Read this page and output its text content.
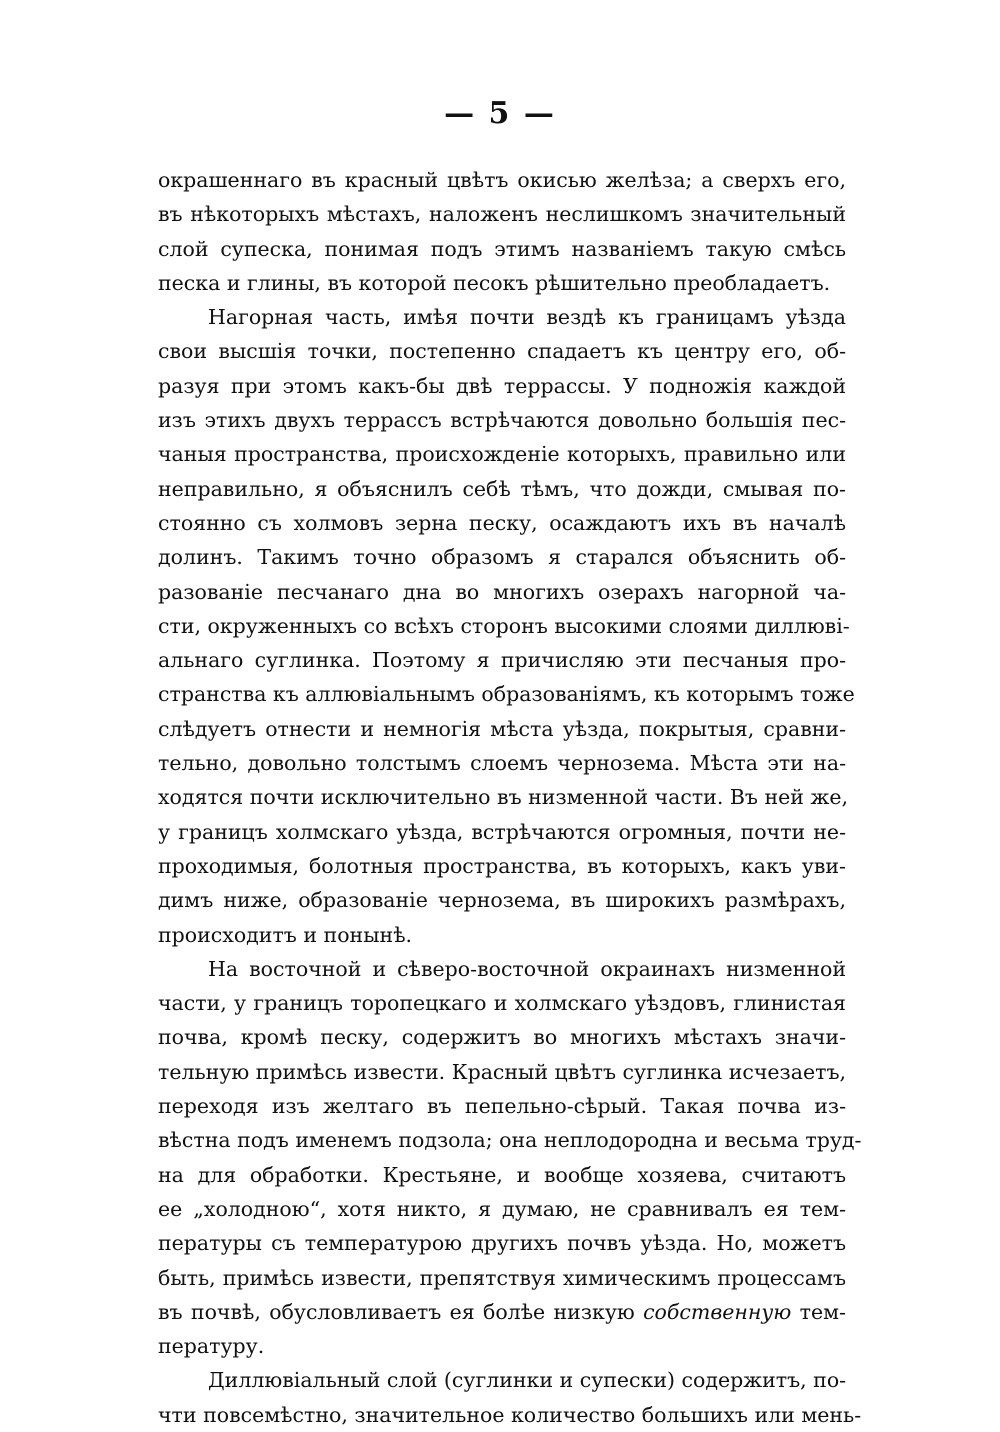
— 5 —
окрашеннаго въ красный цвѣтъ окисью желѣза; а сверхъ его,
въ нѣкоторыхъ мѣстахъ, наложенъ неслишкомъ значительный
слой супеска, понимая подъ этимъ названіемъ такую смѣсь
песка и глины, въ которой песокъ рѣшительно преобладаетъ.
Нагорная часть, имѣя почти вездѣ къ границамъ уѣзда
свои высшія точки, постепенно спадаетъ къ центру его, об-
разуя при этомъ какъ-бы двѣ террассы. У подножія каждой
изъ этихъ двухъ террассъ встрѣчаются довольно большія пес-
чаныя пространства, происхожденіе которыхъ, правильно или
неправильно, я объяснилъ себѣ тѣмъ, что дожди, смывая по-
стоянно съ холмовъ зерна песку, осаждаютъ ихъ въ началѣ
долинъ. Такимъ точно образомъ я старался объяснить об-
разованіе песчанаго дна во многихъ озерахъ нагорной ча-
сти, окруженныхъ со всѣхъ сторонъ высокими слоями диллюві-
альнаго суглинка. Поэтому я причисляю эти песчаныя про-
странства къ аллювіальнымъ образованіямъ, къ которымъ тоже
слѣдуетъ отнести и немногія мѣста уѣзда, покрытыя, сравни-
тельно, довольно толстымъ слоемъ чернозема. Мѣста эти на-
ходятся почти исключительно въ низменной части. Въ ней же,
у границъ холмскаго уѣзда, встрѣчаются огромныя, почти не-
проходимыя, болотныя пространства, въ которыхъ, какъ уви-
димъ ниже, образованіе чернозема, въ широкихъ размѣрахъ,
происходитъ и понынѣ.
На восточной и сѣверо-восточной окраинахъ низменной
части, у границъ торопецкаго и холмскаго уѣздовъ, глинистая
почва, кромѣ песку, содержитъ во многихъ мѣстахъ значи-
тельную примѣсь извести. Красный цвѣтъ суглинка исчезаетъ,
переходя изъ желтаго въ пепельно-сѣрый. Такая почва из-
вѣстна подъ именемъ подзола; она неплодородна и весьма труд-
на для обработки. Крестьяне, и вообще хозяева, считаютъ
ее „холодною“, хотя никто, я думаю, не сравнивалъ ея тем-
пературы съ температурою другихъ почвъ уѣзда. Но, можетъ
быть, примѣсь извести, препятствуя химическимъ процессамъ
въ почвѣ, обусловливаетъ ея болѣе низкую собственную тем-
пературу.
Диллювіальный слой (суглинки и супески) содержитъ, по-
чти повсемѣстно, значительное количество большихъ или мень-
